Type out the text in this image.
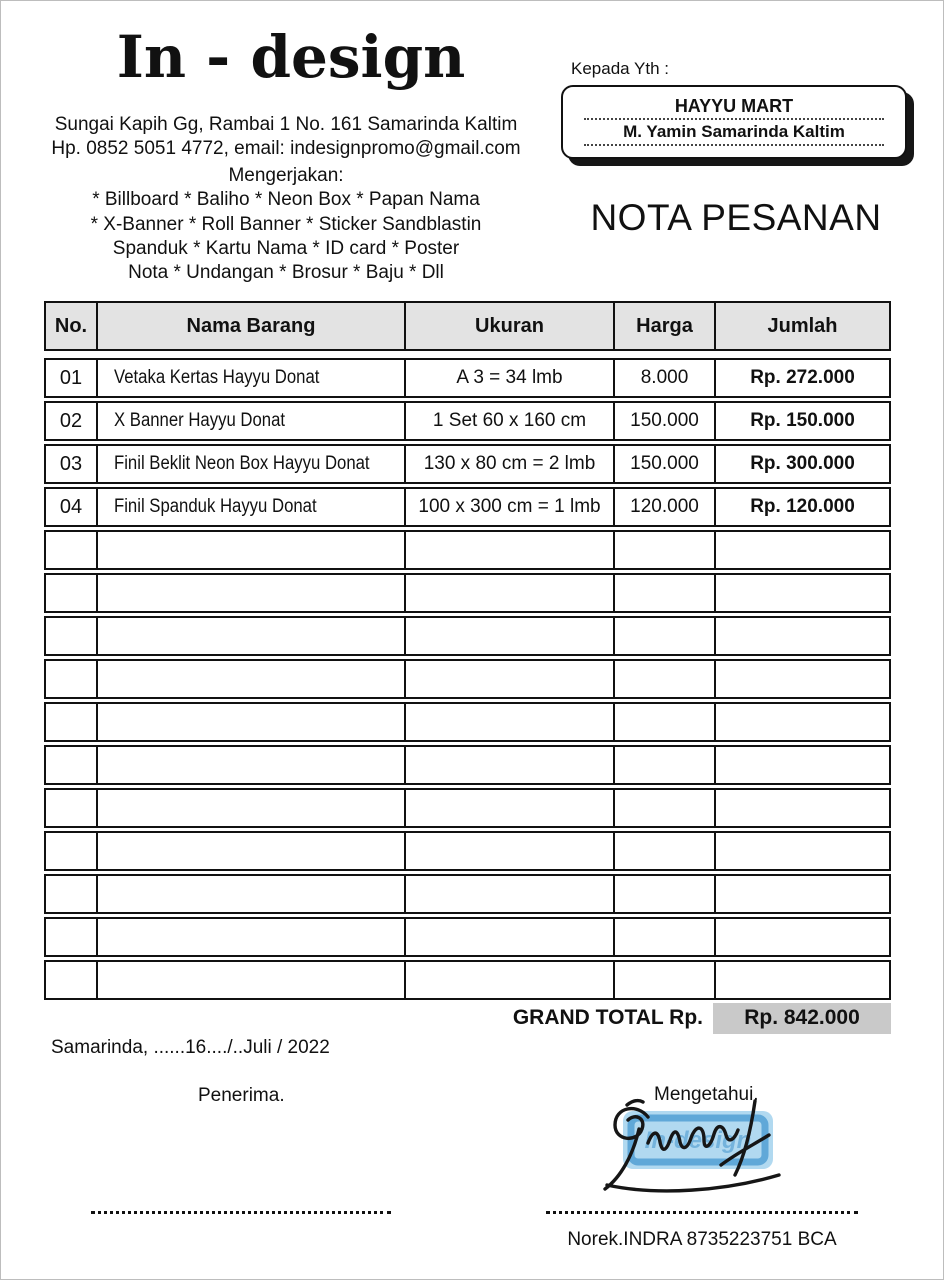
In - design
Sungai Kapih Gg, Rambai 1 No. 161 Samarinda Kaltim
Hp. 0852 5051 4772, email: indesignpromo@gmail.com
Mengerjakan:
* Billboard * Baliho * Neon Box * Papan Nama
* X-Banner * Roll Banner * Sticker Sandblastin
Spanduk * Kartu Nama * ID card * Poster
Nota * Undangan * Brosur * Baju * Dll
Kepada Yth :
HAYYU MART
M. Yamin Samarinda Kaltim
NOTA PESANAN
No.	Nama Barang	Ukuran	Harga	Jumlah
01	Vetaka Kertas Hayyu Donat	A 3 = 34 lmb	8.000	Rp. 272.000
02	X Banner Hayyu Donat	1 Set 60 x 160 cm	150.000	Rp. 150.000
03	Finil Beklit Neon Box Hayyu Donat	130 x 80 cm = 2 lmb	150.000	Rp. 300.000
04	Finil Spanduk Hayyu Donat	100 x 300 cm = 1 lmb	120.000	Rp. 120.000
GRAND TOTAL Rp.	Rp. 842.000
Samarinda, ......16..../..Juli / 2022
Penerima.	Mengetahui.
In-design
Norek.INDRA 8735223751 BCA
